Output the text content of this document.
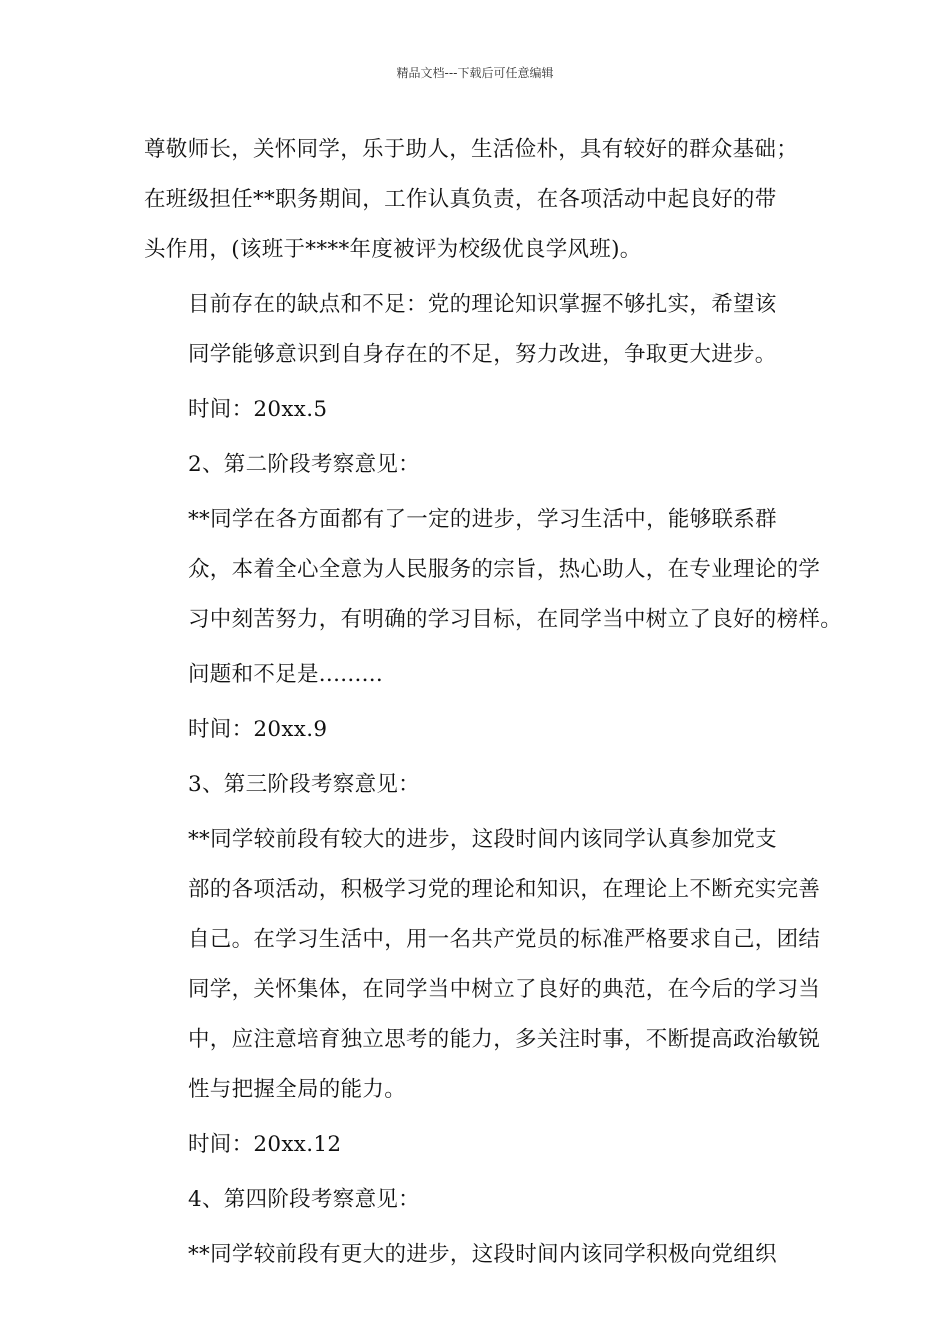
精品文档---下载后可任意编辑

尊敬师长，关怀同学，乐于助人，生活俭朴，具有较好的群众基础；
在班级担任**职务期间，工作认真负责，在各项活动中起良好的带
头作用，(该班于****年度被评为校级优良学风班)。

目前存在的缺点和不足：党的理论知识掌握不够扎实，希望该
同学能够意识到自身存在的不足，努力改进，争取更大进步。

时间：20xx.5

2、第二阶段考察意见：

**同学在各方面都有了一定的进步，学习生活中，能够联系群
众，本着全心全意为人民服务的宗旨，热心助人，在专业理论的学
习中刻苦努力，有明确的学习目标，在同学当中树立了良好的榜样。

问题和不足是.........

时间：20xx.9

3、第三阶段考察意见：

**同学较前段有较大的进步，这段时间内该同学认真参加党支
部的各项活动，积极学习党的理论和知识，在理论上不断充实完善
自己。在学习生活中，用一名共产党员的标准严格要求自己，团结
同学，关怀集体，在同学当中树立了良好的典范，在今后的学习当
中，应注意培育独立思考的能力，多关注时事，不断提高政治敏锐
性与把握全局的能力。

时间：20xx.12

4、第四阶段考察意见：

**同学较前段有更大的进步，这段时间内该同学积极向党组织
